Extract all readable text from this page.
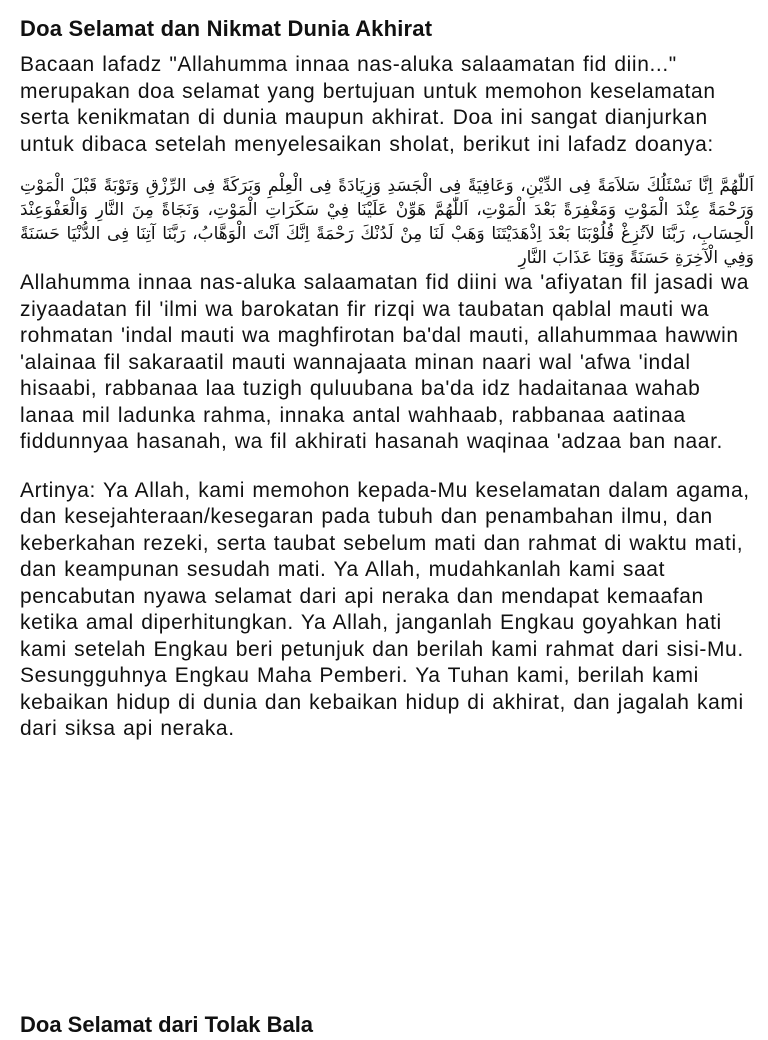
Doa Selamat dan Nikmat Dunia Akhirat

Bacaan lafadz "Allahumma innaa nas-aluka salaamatan fid diin..." merupakan doa selamat yang bertujuan untuk memohon keselamatan serta kenikmatan di dunia maupun akhirat. Doa ini sangat dianjurkan untuk dibaca setelah menyelesaikan sholat, berikut ini lafadz doanya:

اَللّٰهُمَّ اِنَّا نَسْئَلُكَ سَلاَمَةً فِى الدِّيْنِ، وَعَافِيَةً فِى الْجَسَدِ وَزِيَادَةً فِى الْعِلْمِ وَبَرَكَةً فِى الرِّزْقِ وَتَوْبَةً قَبْلَ الْمَوْتِ وَرَحْمَةً عِنْدَ الْمَوْتِ وَمَغْفِرَةً بَعْدَ الْمَوْتِ، اَللّٰهُمَّ هَوِّنْ عَلَيْنَا فِيْ سَكَرَاتِ الْمَوْتِ، وَنَجَاةً مِنَ النَّارِ وَالْعَفْوَعِنْدَ الْحِسَابِ، رَبَّنَا لاَتُزِغْ قُلُوْبَنَا بَعْدَ اِذْهَدَيْتَنَا وَهَبْ لَنَا مِنْ لَدُنْكَ رَحْمَةً اِنَّكَ اَنْتَ الْوَهَّابُ، رَبَّنَا آتِنَا فِى الدُّنْيَا حَسَنَةً وَفِي الْآخِرَةِ حَسَنَةً وَقِنَا عَذَابَ النَّارِ

Allahumma innaa nas-aluka salaamatan fid diini wa 'afiyatan fil jasadi wa ziyaadatan fil 'ilmi wa barokatan fir rizqi wa taubatan qablal mauti wa rohmatan 'indal mauti wa maghfirotan ba'dal mauti, allahummaa hawwin 'alainaa fil sakaraatil mauti wannajaata minan naari wal 'afwa 'indal hisaabi, rabbanaa laa tuzigh quluubana ba'da idz hadaitanaa wahab lanaa mil ladunka rahma, innaka antal wahhaab, rabbanaa aatinaa fiddunnyaa hasanah, wa fil akhirati hasanah waqinaa 'adzaa ban naar.

Artinya: Ya Allah, kami memohon kepada-Mu keselamatan dalam agama, dan kesejahteraan/kesegaran pada tubuh dan penambahan ilmu, dan keberkahan rezeki, serta taubat sebelum mati dan rahmat di waktu mati, dan keampunan sesudah mati. Ya Allah, mudahkanlah kami saat pencabutan nyawa selamat dari api neraka dan mendapat kemaafan ketika amal diperhitungkan. Ya Allah, janganlah Engkau goyahkan hati kami setelah Engkau beri petunjuk dan berilah kami rahmat dari sisi-Mu. Sesungguhnya Engkau Maha Pemberi. Ya Tuhan kami, berilah kami kebaikan hidup di dunia dan kebaikan hidup di akhirat, dan jagalah kami dari siksa api neraka.

Doa Selamat dari Tolak Bala
